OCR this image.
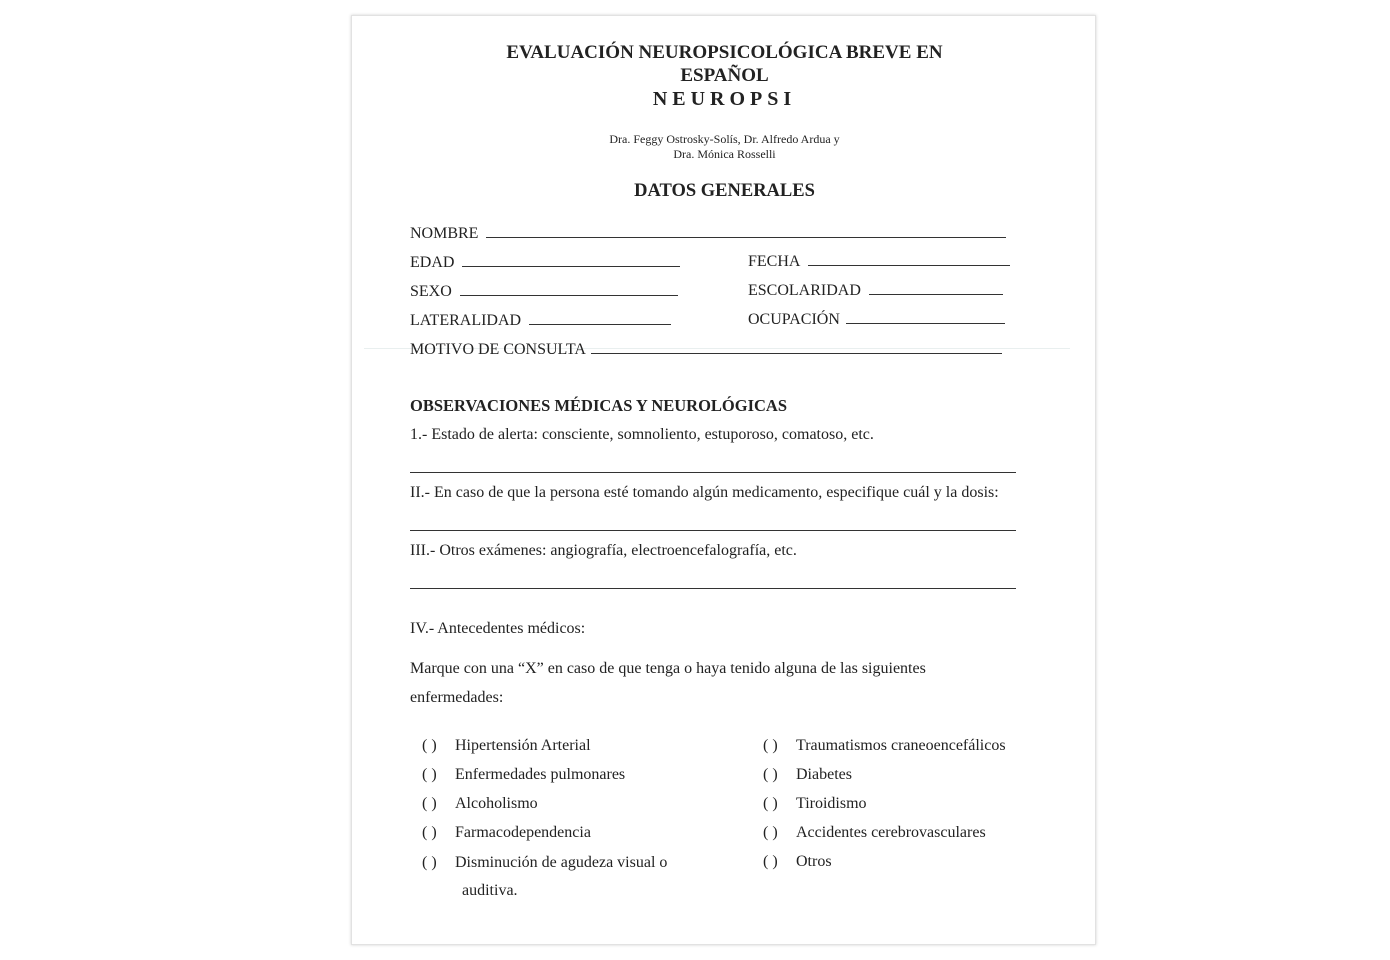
EVALUACIÓN NEUROPSICOLÓGICA BREVE EN
ESPAÑOL
NEUROPSI
Dra. Feggy Ostrosky-Solís, Dr. Alfredo Ardua y
Dra. Mónica Rosselli
DATOS GENERALES
NOMBRE
EDAD	FECHA
SEXO	ESCOLARIDAD
LATERALIDAD	OCUPACIÓN
MOTIVO DE CONSULTA
OBSERVACIONES MÉDICAS Y NEUROLÓGICAS
1.- Estado de alerta: consciente, somnoliento, estuporoso, comatoso, etc.
II.- En caso de que la persona esté tomando algún medicamento, especifique cuál y la dosis:
III.- Otros exámenes: angiografía, electroencefalografía, etc.
IV.- Antecedentes médicos:
Marque con una “X” en caso de que tenga o haya tenido alguna de las siguientes enfermedades:
( ) Hipertensión Arterial
( ) Enfermedades pulmonares
( ) Alcoholismo
( ) Farmacodependencia
( ) Disminución de agudeza visual o
auditiva.
( ) Traumatismos craneoencefálicos
( ) Diabetes
( ) Tiroidismo
( ) Accidentes cerebrovasculares
( ) Otros
